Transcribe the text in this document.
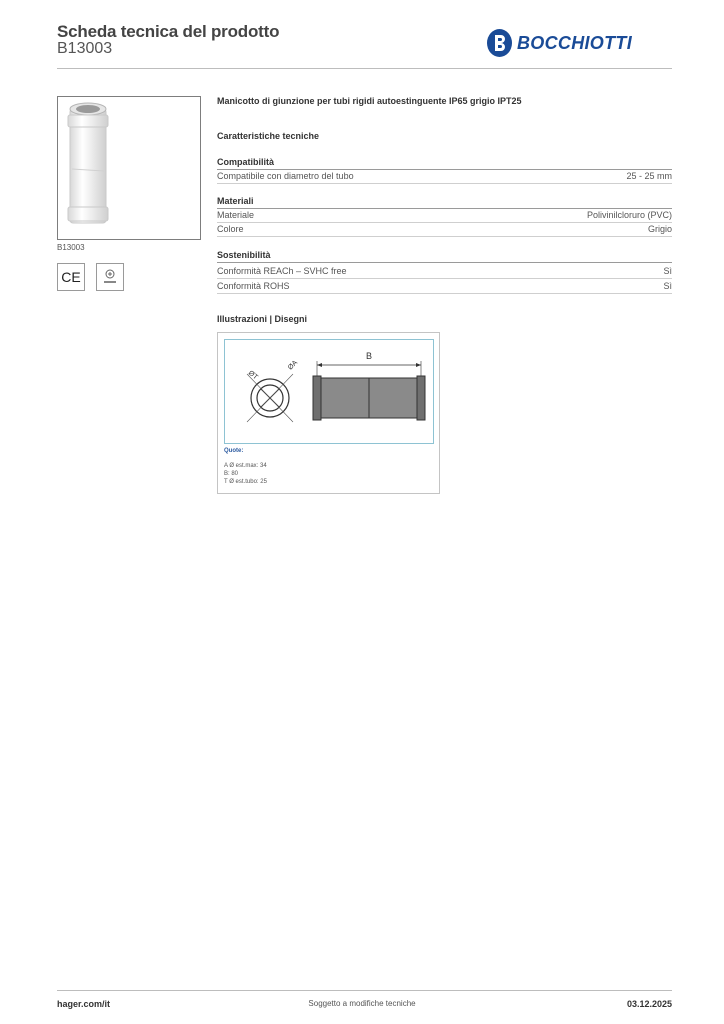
Scheda tecnica del prodotto
B13003	BOCCHIOTTI
B13003
CE
Manicotto di giunzione per tubi rigidi autoestinguente IP65 grigio IPT25
Caratteristiche tecniche
Compatibilità
Compatibile con diametro del tubo	25 - 25 mm
Materiali
Materiale	Polivinilcloruro (PVC)
Colore	Grigio
Sostenibilità
Conformità REACh – SVHC free	Sì
Conformità ROHS	Sì
Illustrazioni | Disegni
B
ØT
ØA
Quote:
A Ø est.max: 34
B: 80
T Ø est.tubo: 25
hager.com/it	Soggetto a modifiche tecniche	03.12.2025
